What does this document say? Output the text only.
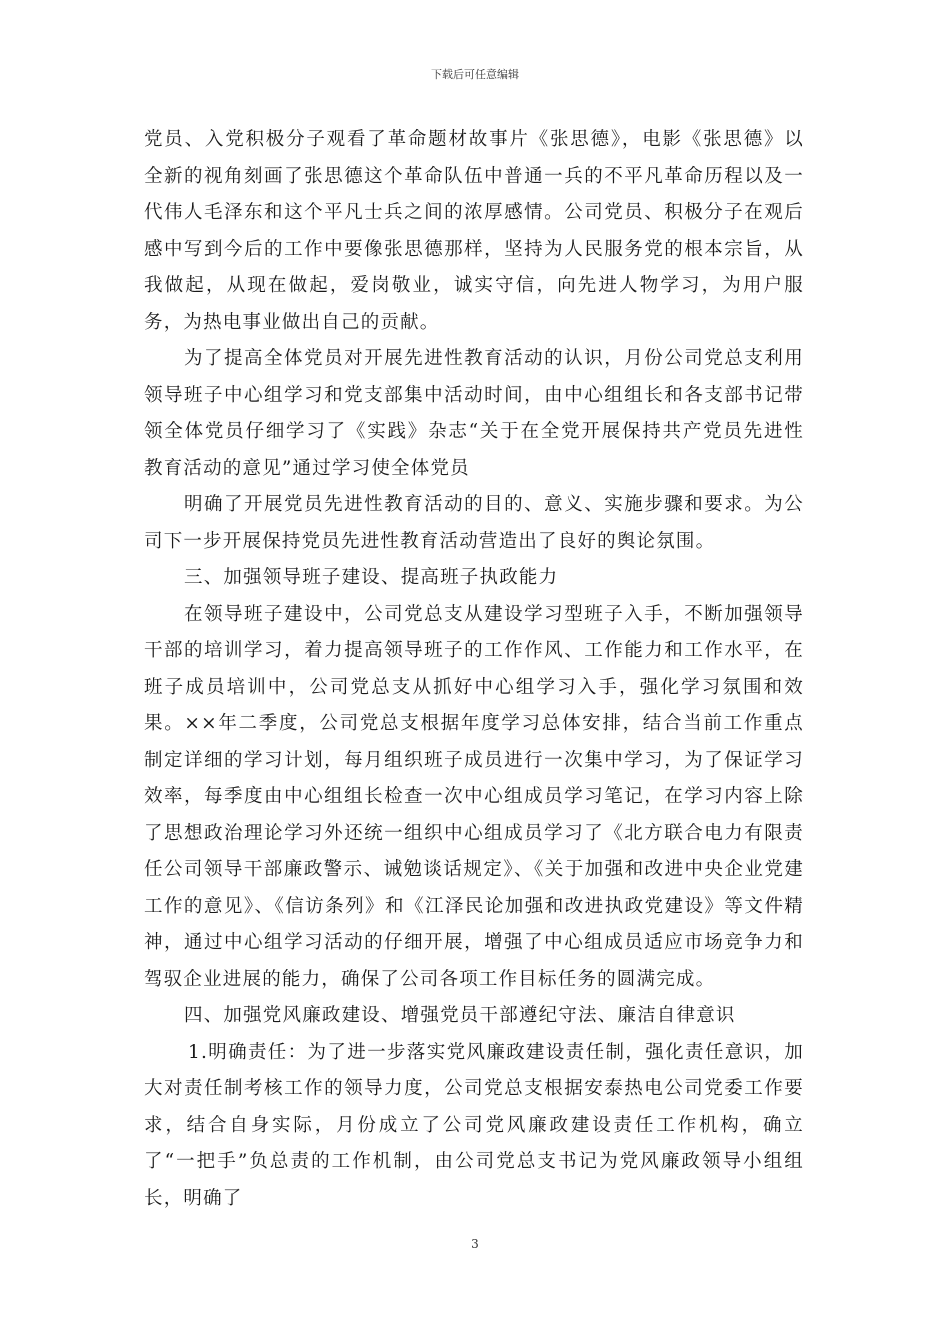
下载后可任意编辑

党员、入党积极分子观看了革命题材故事片《张思德》，电影《张思德》以全新的视角刻画了张思德这个革命队伍中普通一兵的不平凡革命历程以及一代伟人毛泽东和这个平凡士兵之间的浓厚感情。公司党员、积极分子在观后感中写到今后的工作中要像张思德那样，坚持为人民服务党的根本宗旨，从我做起，从现在做起，爱岗敬业，诚实守信，向先进人物学习，为用户服务，为热电事业做出自己的贡献。

为了提高全体党员对开展先进性教育活动的认识，月份公司党总支利用领导班子中心组学习和党支部集中活动时间，由中心组组长和各支部书记带领全体党员仔细学习了《实践》杂志“关于在全党开展保持共产党员先进性教育活动的意见”通过学习使全体党员

明确了开展党员先进性教育活动的目的、意义、实施步骤和要求。为公司下一步开展保持党员先进性教育活动营造出了良好的舆论氛围。

三、加强领导班子建设、提高班子执政能力

在领导班子建设中，公司党总支从建设学习型班子入手，不断加强领导干部的培训学习，着力提高领导班子的工作作风、工作能力和工作水平，在班子成员培训中，公司党总支从抓好中心组学习入手，强化学习氛围和效果。××年二季度，公司党总支根据年度学习总体安排，结合当前工作重点制定详细的学习计划，每月组织班子成员进行一次集中学习，为了保证学习效率，每季度由中心组组长检查一次中心组成员学习笔记，在学习内容上除了思想政治理论学习外还统一组织中心组成员学习了《北方联合电力有限责任公司领导干部廉政警示、诫勉谈话规定》、《关于加强和改进中央企业党建工作的意见》、《信访条列》和《江泽民论加强和改进执政党建设》等文件精神，通过中心组学习活动的仔细开展，增强了中心组成员适应市场竞争力和驾驭企业进展的能力，确保了公司各项工作目标任务的圆满完成。

四、加强党风廉政建设、增强党员干部遵纪守法、廉洁自律意识

1.明确责任：为了进一步落实党风廉政建设责任制，强化责任意识，加大对责任制考核工作的领导力度，公司党总支根据安泰热电公司党委工作要求，结合自身实际，月份成立了公司党风廉政建设责任工作机构，确立了“一把手”负总责的工作机制，由公司党总支书记为党风廉政领导小组组长，明确了

3
